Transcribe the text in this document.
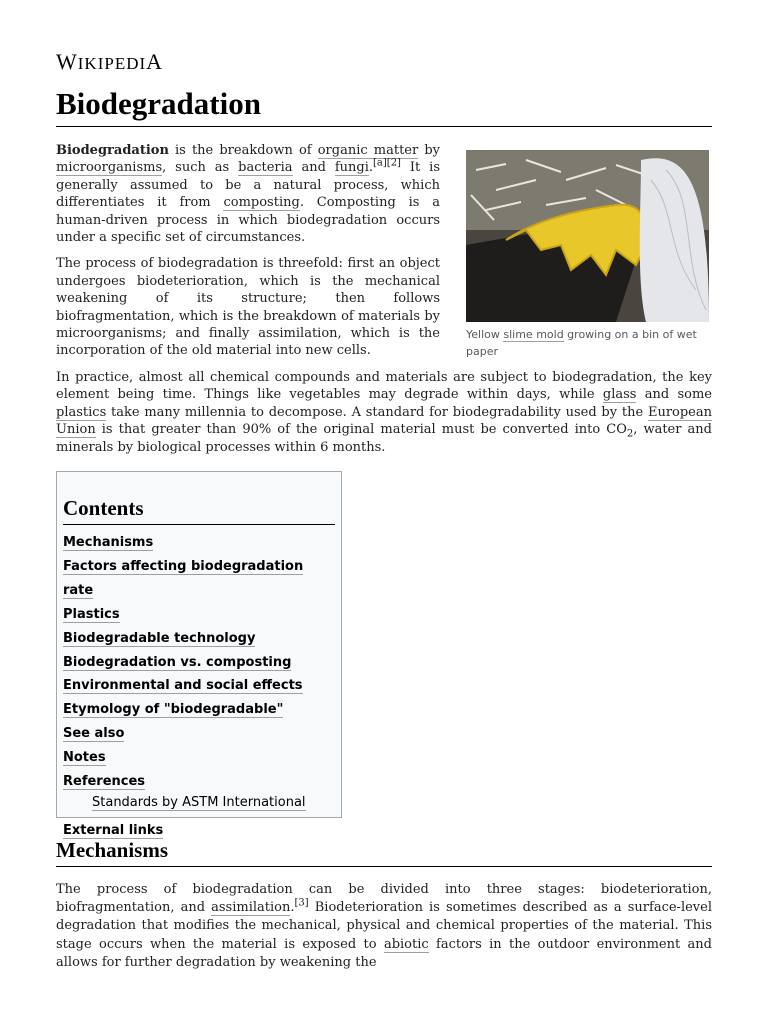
WIKIPEDIA
Biodegradation
Yellow slime mold growing on a bin of wet paper

Biodegradation is the breakdown of organic matter by microorganisms, such as bacteria and fungi.[a][2] It is generally assumed to be a natural process, which differentiates it from composting. Composting is a human-driven process in which biodegradation occurs under a specific set of circumstances.

The process of biodegradation is threefold: first an object undergoes biodeterioration, which is the mechanical weakening of its structure; then follows biofragmentation, which is the breakdown of materials by microorganisms; and finally assimilation, which is the incorporation of the old material into new cells.

In practice, almost all chemical compounds and materials are subject to biodegradation, the key element being time. Things like vegetables may degrade within days, while glass and some plastics take many millennia to decompose. A standard for biodegradability used by the European Union is that greater than 90% of the original material must be converted into $CO_2$, water and minerals by biological processes within 6 months.

Contents
Mechanisms
Factors affecting biodegradation rate
Plastics
Biodegradable technology
Biodegradation vs. composting
Environmental and social effects
Etymology of "biodegradable"
See also
Notes
References
Standards by ASTM International
External links
Mechanisms

The process of biodegradation can be divided into three stages: biodeterioration, biofragmentation, and assimilation.[3] Biodeterioration is sometimes described as a surface-level degradation that modifies the mechanical, physical and chemical properties of the material. This stage occurs when the material is exposed to abiotic factors in the outdoor environment and allows for further degradation by weakening the
